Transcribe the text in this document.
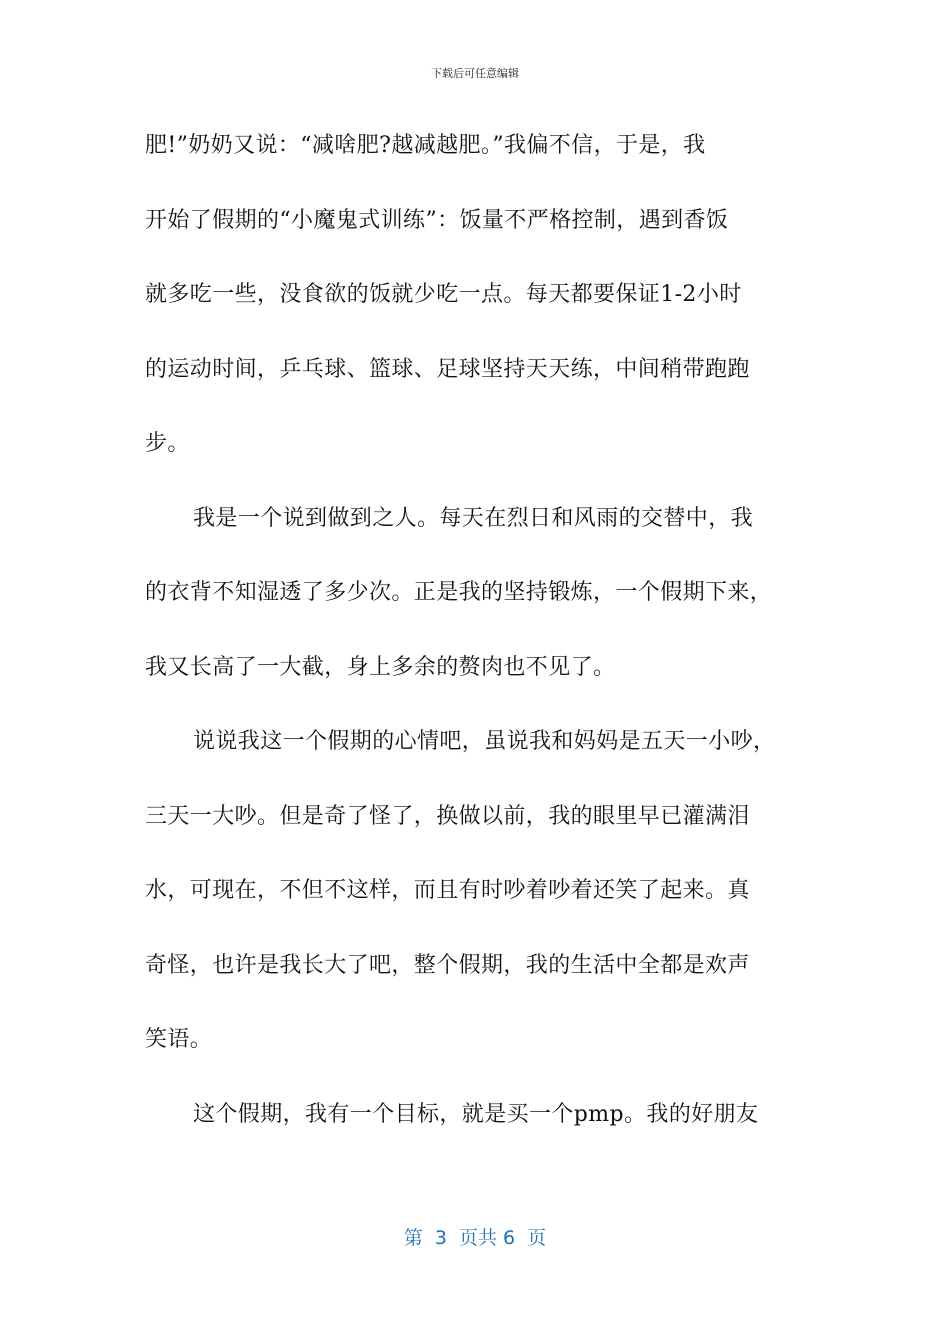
下载后可任意编辑
肥!”奶奶又说：“减啥肥?越减越肥。”我偏不信，于是，我
开始了假期的“小魔鬼式训练”：饭量不严格控制，遇到香饭
就多吃一些，没食欲的饭就少吃一点。每天都要保证1-2小时
的运动时间，乒乓球、篮球、足球坚持天天练，中间稍带跑跑
步。
我是一个说到做到之人。每天在烈日和风雨的交替中，我
的衣背不知湿透了多少次。正是我的坚持锻炼，一个假期下来，
我又长高了一大截，身上多余的赘肉也不见了。
说说我这一个假期的心情吧，虽说我和妈妈是五天一小吵，
三天一大吵。但是奇了怪了，换做以前，我的眼里早已灌满泪
水，可现在，不但不这样，而且有时吵着吵着还笑了起来。真
奇怪，也许是我长大了吧，整个假期，我的生活中全都是欢声
笑语。
这个假期，我有一个目标，就是买一个pmp。我的好朋友
第  3  页共 6  页
